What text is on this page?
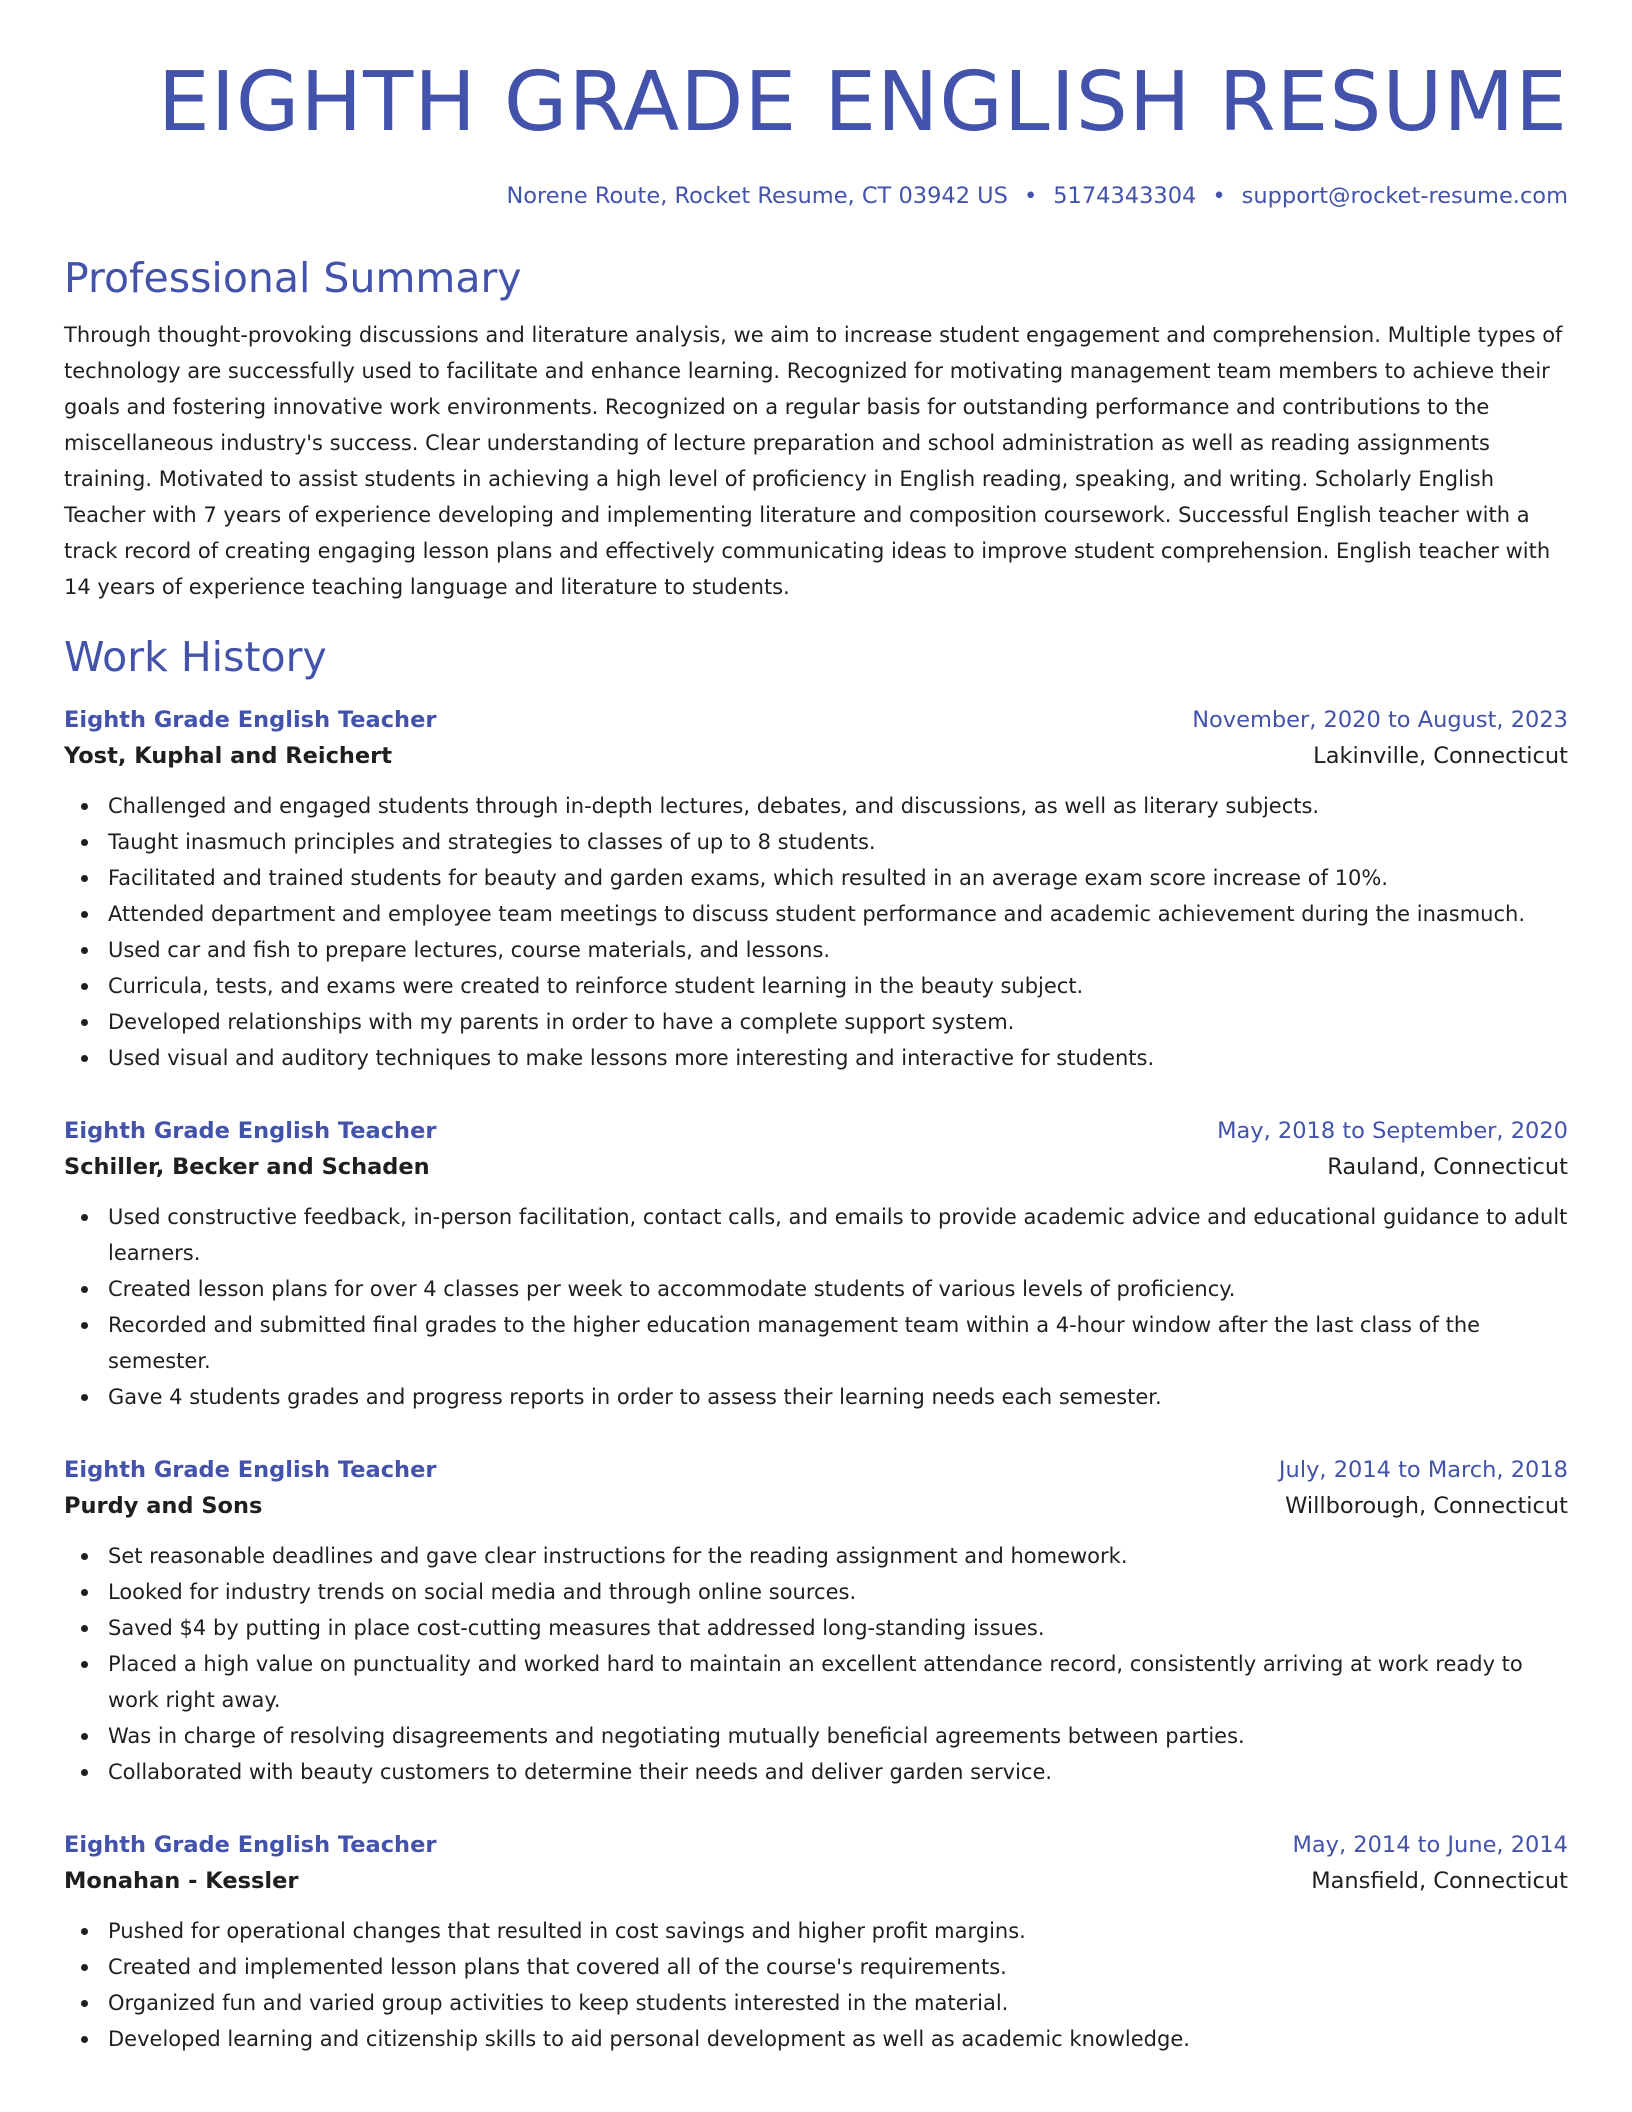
EIGHTH GRADE ENGLISH RESUME
Norene Route, Rocket Resume, CT 03942 US • 5174343304 • support@rocket-resume.com
Professional Summary

Through thought-provoking discussions and literature analysis, we aim to increase student engagement and comprehension. Multiple types of technology are successfully used to facilitate and enhance learning. Recognized for motivating management team members to achieve their goals and fostering innovative work environments. Recognized on a regular basis for outstanding performance and contributions to the miscellaneous industry's success. Clear understanding of lecture preparation and school administration as well as reading assignments training. Motivated to assist students in achieving a high level of proficiency in English reading, speaking, and writing. Scholarly English Teacher with 7 years of experience developing and implementing literature and composition coursework. Successful English teacher with a track record of creating engaging lesson plans and effectively communicating ideas to improve student comprehension. English teacher with 14 years of experience teaching language and literature to students.

Work History
Eighth Grade English Teacher	November, 2020 to August, 2023
Yost, Kuphal and Reichert	Lakinville, Connecticut
Challenged and engaged students through in-depth lectures, debates, and discussions, as well as literary subjects.
Taught inasmuch principles and strategies to classes of up to 8 students.
Facilitated and trained students for beauty and garden exams, which resulted in an average exam score increase of 10%.
Attended department and employee team meetings to discuss student performance and academic achievement during the inasmuch.
Used car and fish to prepare lectures, course materials, and lessons.
Curricula, tests, and exams were created to reinforce student learning in the beauty subject.
Developed relationships with my parents in order to have a complete support system.
Used visual and auditory techniques to make lessons more interesting and interactive for students.
Eighth Grade English Teacher	May, 2018 to September, 2020
Schiller, Becker and Schaden	Rauland, Connecticut
Used constructive feedback, in-person facilitation, contact calls, and emails to provide academic advice and educational guidance to adult learners.
Created lesson plans for over 4 classes per week to accommodate students of various levels of proficiency.
Recorded and submitted final grades to the higher education management team within a 4-hour window after the last class of the semester.
Gave 4 students grades and progress reports in order to assess their learning needs each semester.
Eighth Grade English Teacher	July, 2014 to March, 2018
Purdy and Sons	Willborough, Connecticut
Set reasonable deadlines and gave clear instructions for the reading assignment and homework.
Looked for industry trends on social media and through online sources.
Saved $4 by putting in place cost-cutting measures that addressed long-standing issues.
Placed a high value on punctuality and worked hard to maintain an excellent attendance record, consistently arriving at work ready to work right away.
Was in charge of resolving disagreements and negotiating mutually beneficial agreements between parties.
Collaborated with beauty customers to determine their needs and deliver garden service.
Eighth Grade English Teacher	May, 2014 to June, 2014
Monahan - Kessler	Mansfield, Connecticut
Pushed for operational changes that resulted in cost savings and higher profit margins.
Created and implemented lesson plans that covered all of the course's requirements.
Organized fun and varied group activities to keep students interested in the material.
Developed learning and citizenship skills to aid personal development as well as academic knowledge.
